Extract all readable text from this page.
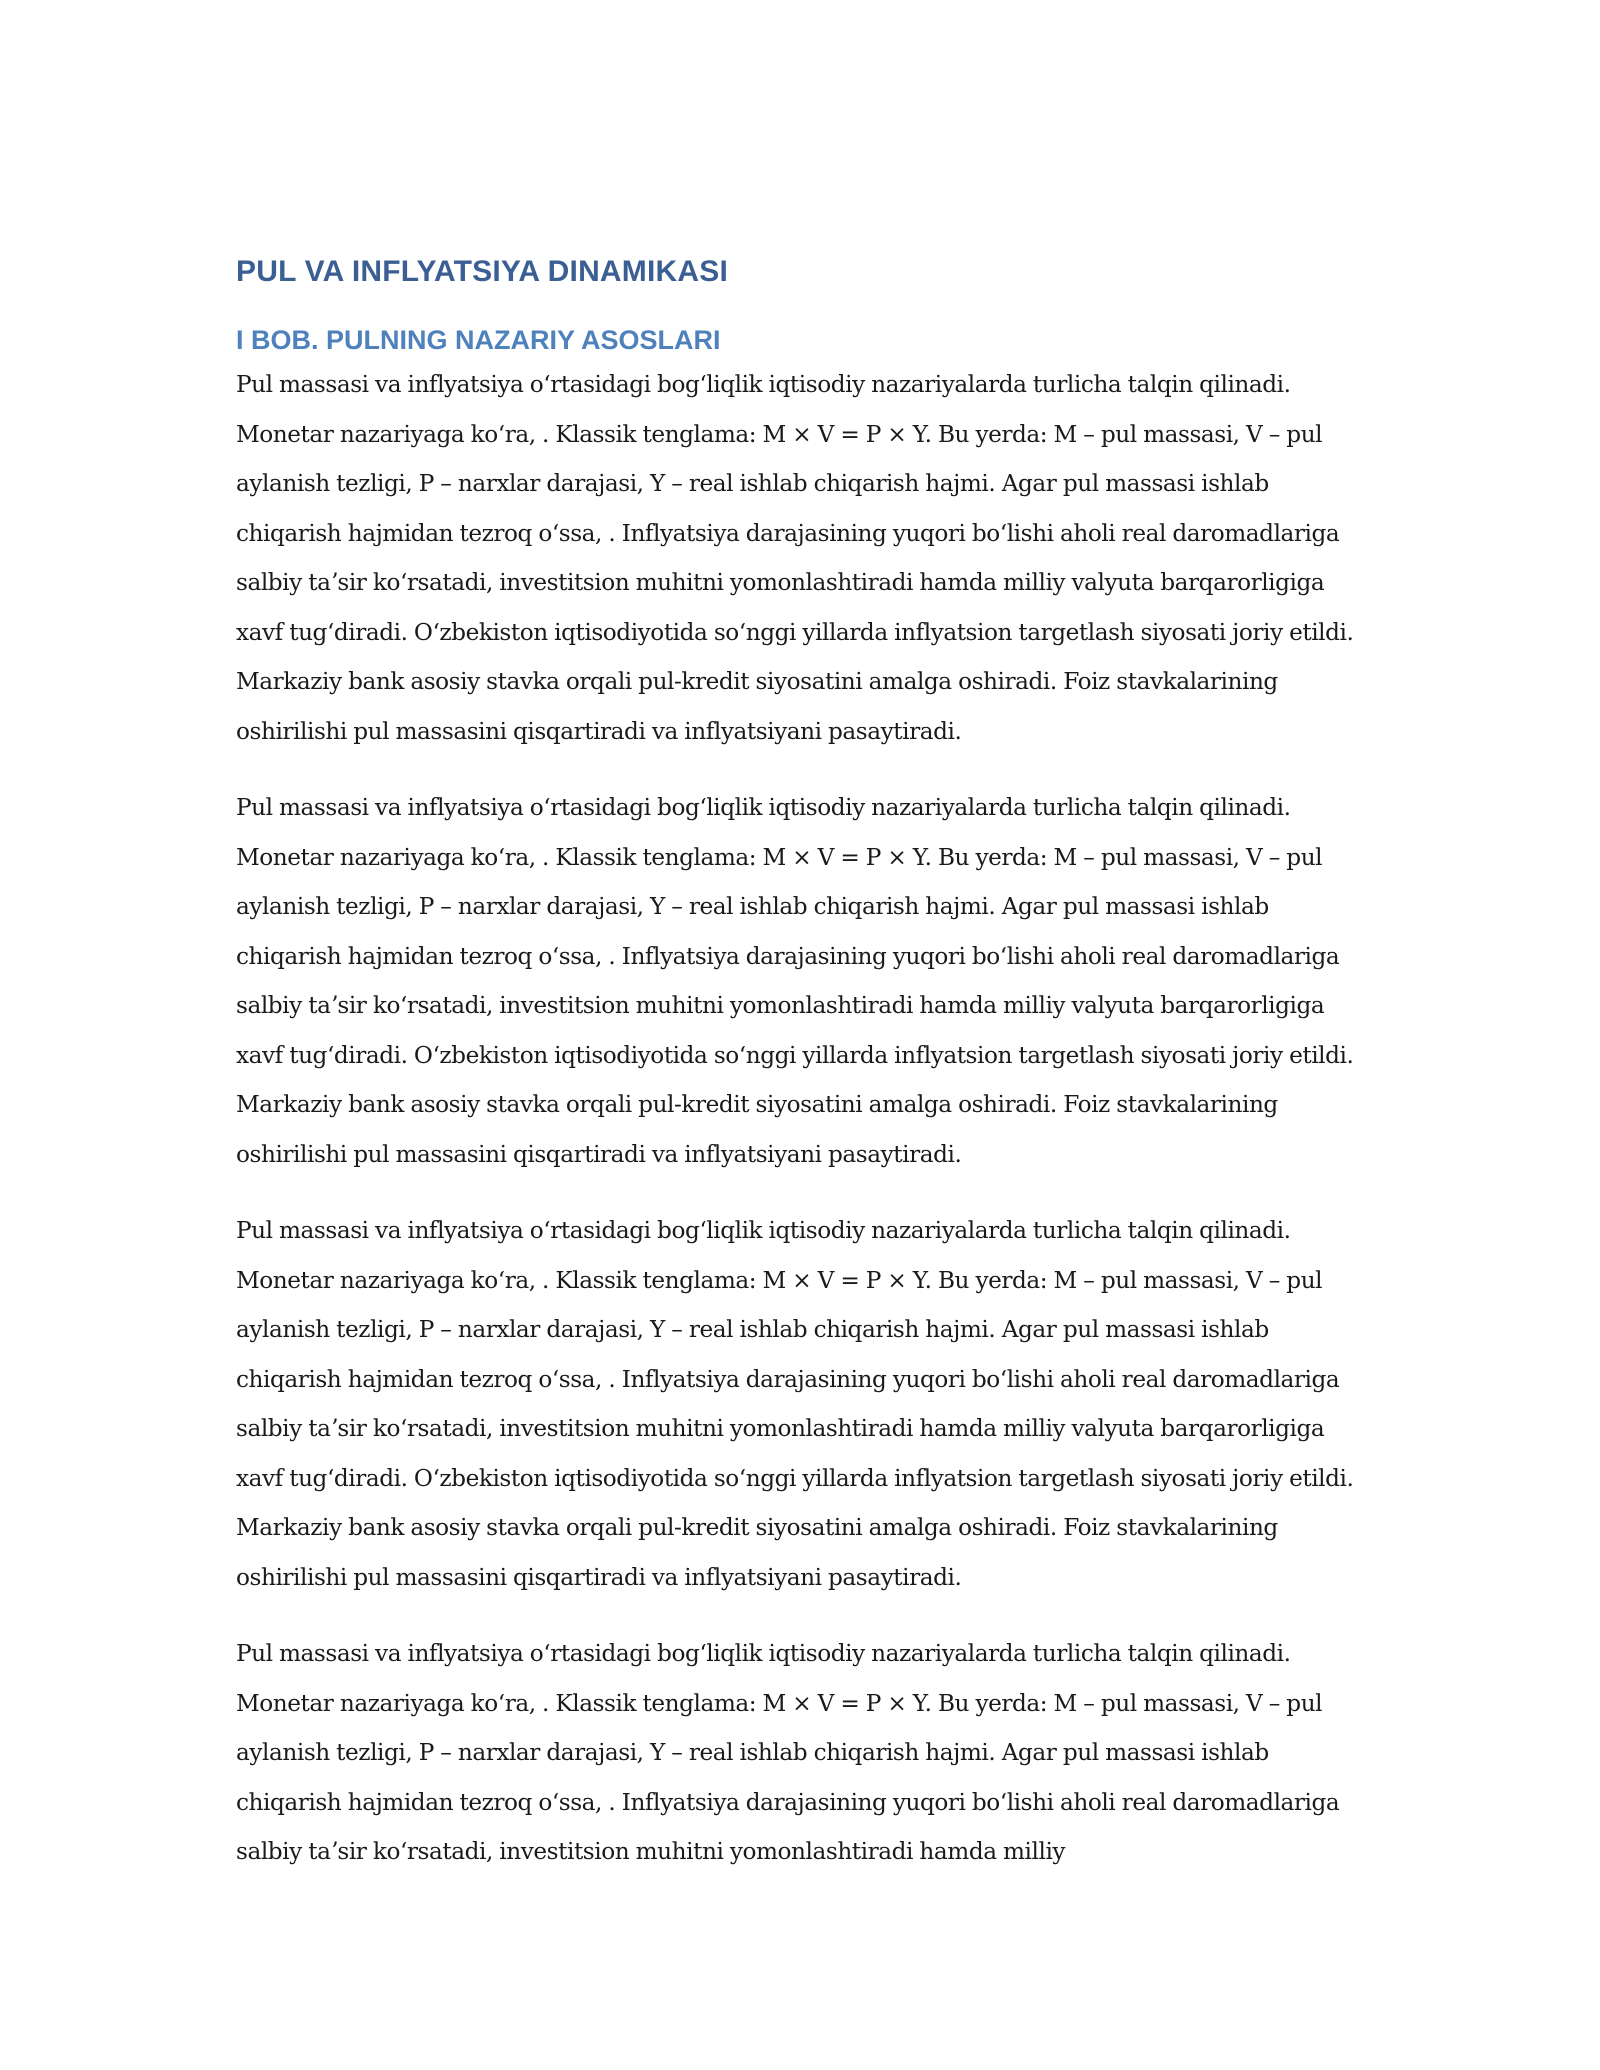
PUL VA INFLYATSIYA DINAMIKASI
I BOB. PULNING NAZARIY ASOSLARI

Pul massasi va inflyatsiya oʻrtasidagi bogʻliqlik iqtisodiy nazariyalarda turlicha talqin qilinadi. Monetar nazariyaga koʻra, . Klassik tenglama: M × V = P × Y. Bu yerda: M – pul massasi, V – pul aylanish tezligi, P – narxlar darajasi, Y – real ishlab chiqarish hajmi. Agar pul massasi ishlab chiqarish hajmidan tezroq oʻssa, . Inflyatsiya darajasining yuqori boʻlishi aholi real daromadlariga salbiy taʼsir koʻrsatadi, investitsion muhitni yomonlashtiradi hamda milliy valyuta barqarorligiga xavf tugʻdiradi. Oʻzbekiston iqtisodiyotida soʻnggi yillarda inflyatsion targetlash siyosati joriy etildi. Markaziy bank asosiy stavka orqali pul-kredit siyosatini amalga oshiradi. Foiz stavkalarining oshirilishi pul massasini qisqartiradi va inflyatsiyani pasaytiradi.

Pul massasi va inflyatsiya oʻrtasidagi bogʻliqlik iqtisodiy nazariyalarda turlicha talqin qilinadi. Monetar nazariyaga koʻra, . Klassik tenglama: M × V = P × Y. Bu yerda: M – pul massasi, V – pul aylanish tezligi, P – narxlar darajasi, Y – real ishlab chiqarish hajmi. Agar pul massasi ishlab chiqarish hajmidan tezroq oʻssa, . Inflyatsiya darajasining yuqori boʻlishi aholi real daromadlariga salbiy taʼsir koʻrsatadi, investitsion muhitni yomonlashtiradi hamda milliy valyuta barqarorligiga xavf tugʻdiradi. Oʻzbekiston iqtisodiyotida soʻnggi yillarda inflyatsion targetlash siyosati joriy etildi. Markaziy bank asosiy stavka orqali pul-kredit siyosatini amalga oshiradi. Foiz stavkalarining oshirilishi pul massasini qisqartiradi va inflyatsiyani pasaytiradi.

Pul massasi va inflyatsiya oʻrtasidagi bogʻliqlik iqtisodiy nazariyalarda turlicha talqin qilinadi. Monetar nazariyaga koʻra, . Klassik tenglama: M × V = P × Y. Bu yerda: M – pul massasi, V – pul aylanish tezligi, P – narxlar darajasi, Y – real ishlab chiqarish hajmi. Agar pul massasi ishlab chiqarish hajmidan tezroq oʻssa, . Inflyatsiya darajasining yuqori boʻlishi aholi real daromadlariga salbiy taʼsir koʻrsatadi, investitsion muhitni yomonlashtiradi hamda milliy valyuta barqarorligiga xavf tugʻdiradi. Oʻzbekiston iqtisodiyotida soʻnggi yillarda inflyatsion targetlash siyosati joriy etildi. Markaziy bank asosiy stavka orqali pul-kredit siyosatini amalga oshiradi. Foiz stavkalarining oshirilishi pul massasini qisqartiradi va inflyatsiyani pasaytiradi.

Pul massasi va inflyatsiya oʻrtasidagi bogʻliqlik iqtisodiy nazariyalarda turlicha talqin qilinadi. Monetar nazariyaga koʻra, . Klassik tenglama: M × V = P × Y. Bu yerda: M – pul massasi, V – pul aylanish tezligi, P – narxlar darajasi, Y – real ishlab chiqarish hajmi. Agar pul massasi ishlab chiqarish hajmidan tezroq oʻssa, . Inflyatsiya darajasining yuqori boʻlishi aholi real daromadlariga salbiy taʼsir koʻrsatadi, investitsion muhitni yomonlashtiradi hamda milliy
